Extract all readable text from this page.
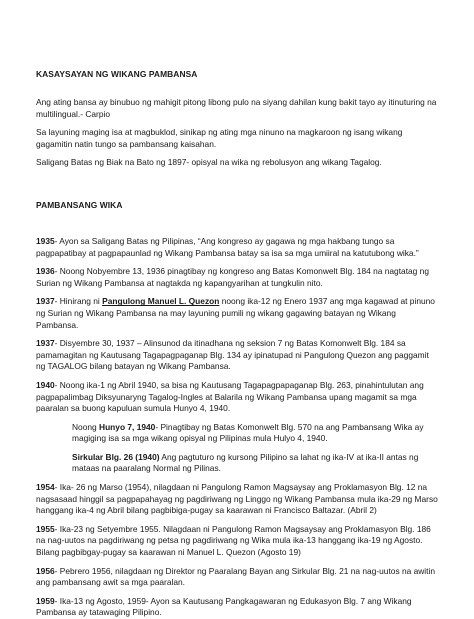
KASAYSAYAN NG WIKANG PAMBANSA

Ang ating bansa ay binubuo ng mahigit pitong libong pulo na siyang dahilan kung bakit tayo ay itinuturing na multilingual.- Carpio

Sa layuning maging isa at magbuklod, sinikap ng ating mga ninuno na magkaroon ng isang wikang gagamitin natin tungo sa pambansang kaisahan.

Saligang Batas ng Biak na Bato ng 1897- opisyal na wika ng rebolusyon ang wikang Tagalog.

PAMBANSANG WIKA

1935- Ayon sa Saligang Batas ng Pilipinas, “Ang kongreso ay gagawa ng mga hakbang tungo sa pagpapatibay at pagpapaunlad ng Wikang Pambansa batay sa isa sa mga umiiral na katutubong wika.”

1936- Noong Nobyembre 13, 1936 pinagtibay ng kongreso ang Batas Komonwelt Blg. 184 na nagtatag ng Surian ng Wikang Pambansa at nagtakda ng kapangyarihan at tungkulin nito.

1937- Hinirang ni Pangulong Manuel L. Quezon noong ika-12 ng Enero 1937 ang mga kagawad at pinuno ng Surian ng Wikang Pambansa na may layuning pumili ng wikang gagawing batayan ng Wikang Pambansa.

1937- Disyembre 30, 1937 – Alinsunod da itinadhana ng seksion 7 ng Batas Komonwelt Blg. 184 sa pamamagitan ng Kautusang Tagapagpaganap Blg. 134 ay ipinatupad ni Pangulong Quezon ang paggamit ng TAGALOG bilang batayan ng Wikang Pambansa.

1940- Noong ika-1 ng Abril 1940, sa bisa ng Kautusang Tagapagpapaganap Blg. 263, pinahintulutan ang pagpapalimbag Diksyunaryng Tagalog-Ingles at Balarila ng Wikang Pambansa upang magamit sa mga paaralan sa buong kapuluan sumula Hunyo 4, 1940.

Noong Hunyo 7, 1940- Pinagtibay ng Batas Komonwelt Blg. 570 na ang Pambansang Wika ay magiging isa sa mga wikang opisyal ng Pilipinas mula Hulyo 4, 1940.

Sirkular Blg. 26 (1940) Ang pagtuturo ng kursong Pilipino sa lahat ng ika-IV at ika-II antas ng mataas na paaralang Normal ng Pilinas.

1954- Ika- 26 ng Marso (1954), nilagdaan ni Pangulong Ramon Magsaysay ang Proklamasyon Blg. 12 na nagsasaad hinggil sa pagpapahayag ng pagdiriwang ng Linggo ng Wikang Pambansa mula ika-29 ng Marso hanggang ika-4 ng Abril bilang pagbibiga-pugay sa kaarawan ni Francisco Baltazar. (Abril 2)

1955- Ika-23 ng Setyembre 1955. Nilagdaan ni Pangulong Ramon Magsaysay ang Proklamasyon Blg. 186 na nag-uutos na pagdiriwang ng petsa ng pagdiriwang ng Wika mula ika-13 hanggang ika-19 ng Agosto. Bilang pagbibgay-pugay sa kaarawan ni Manuel L. Quezon (Agosto 19)

1956- Pebrero 1956, nilagdaan ng Direktor ng Paaralang Bayan ang Sirkular Blg. 21 na nag-uutos na awitin ang pambansang awit sa mga paaralan.

1959- Ika-13 ng Agosto, 1959- Ayon sa Kautusang Pangkagawaran ng Edukasyon Blg. 7 ang Wikang Pambansa ay tatawaging Pilipino.
